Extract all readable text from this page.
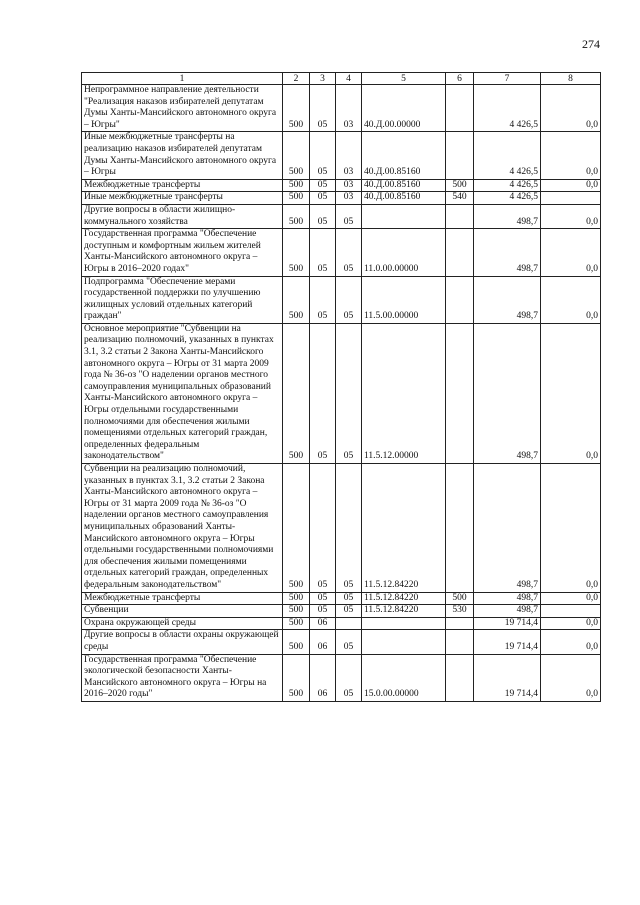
274
1	2	3	4	5	6	7	8
Непрограммное направление деятельности "Реализация наказов избирателей депутатам Думы Ханты-Мансийского автономного округа – Югры"	500	05	03	40.Д.00.00000		4 426,5	0,0
Иные межбюджетные трансферты на реализацию наказов избирателей депутатам Думы Ханты-Мансийского автономного округа – Югры	500	05	03	40.Д.00.85160		4 426,5	0,0
Межбюджетные трансферты	500	05	03	40.Д.00.85160	500	4 426,5	0,0
Иные межбюджетные трансферты	500	05	03	40.Д.00.85160	540	4 426,5	
Другие вопросы в области жилищно-коммунального хозяйства	500	05	05			498,7	0,0
Государственная программа "Обеспечение доступным и комфортным жильем жителей Ханты-Мансийского автономного округа – Югры в 2016–2020 годах"	500	05	05	11.0.00.00000		498,7	0,0
Подпрограмма "Обеспечение мерами государственной поддержки по улучшению жилищных условий отдельных категорий граждан"	500	05	05	11.5.00.00000		498,7	0,0
Основное мероприятие "Субвенции на реализацию полномочий, указанных в пунктах 3.1, 3.2 статьи 2 Закона Ханты-Мансийского автономного округа – Югры от 31 марта 2009 года № 36-оз "О наделении органов местного самоуправления муниципальных образований Ханты-Мансийского автономного округа – Югры отдельными государственными полномочиями для обеспечения жилыми помещениями отдельных категорий граждан, определенных федеральным законодательством"	500	05	05	11.5.12.00000		498,7	0,0
Субвенции на реализацию полномочий, указанных в пунктах 3.1, 3.2 статьи 2 Закона Ханты-Мансийского автономного округа – Югры от 31 марта 2009 года № 36-оз "О наделении органов местного самоуправления муниципальных образований Ханты-Мансийского автономного округа – Югры отдельными государственными полномочиями для обеспечения жилыми помещениями отдельных категорий граждан, определенных федеральным законодательством"	500	05	05	11.5.12.84220		498,7	0,0
Межбюджетные трансферты	500	05	05	11.5.12.84220	500	498,7	0,0
Субвенции	500	05	05	11.5.12.84220	530	498,7	
Охрана окружающей среды	500	06				19 714,4	0,0
Другие вопросы в области охраны окружающей среды	500	06	05			19 714,4	0,0
Государственная программа "Обеспечение экологической безопасности Ханты-Мансийского автономного округа – Югры на 2016–2020 годы"	500	06	05	15.0.00.00000		19 714,4	0,0
